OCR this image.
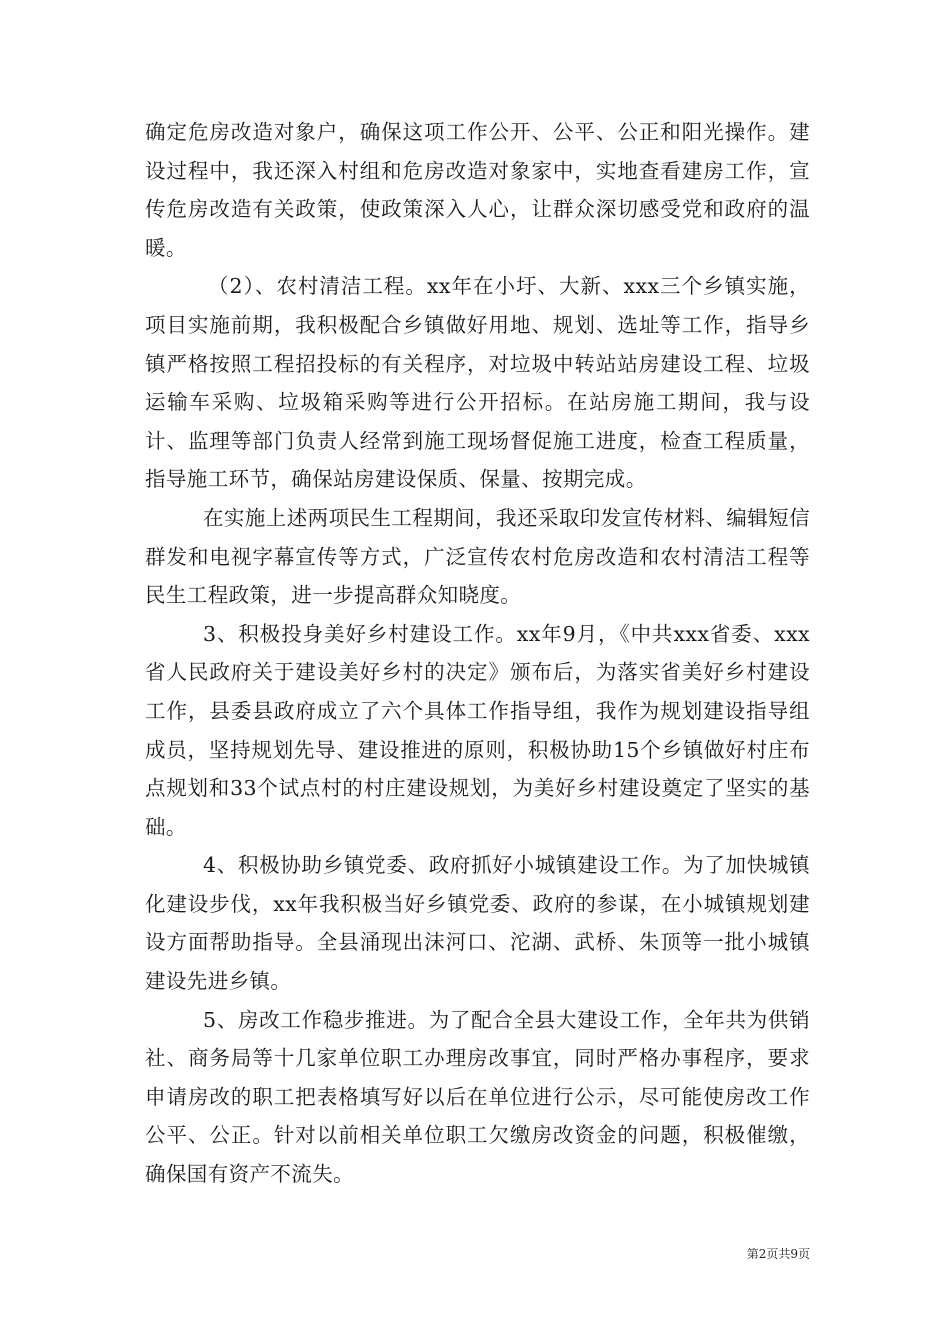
确定危房改造对象户，确保这项工作公开、公平、公正和阳光操作。建设过程中，我还深入村组和危房改造对象家中，实地查看建房工作，宣传危房改造有关政策，使政策深入人心，让群众深切感受党和政府的温暖。

（2）、农村清洁工程。xx年在小圩、大新、xxx三个乡镇实施，项目实施前期，我积极配合乡镇做好用地、规划、选址等工作，指导乡镇严格按照工程招投标的有关程序，对垃圾中转站站房建设工程、垃圾运输车采购、垃圾箱采购等进行公开招标。在站房施工期间，我与设计、监理等部门负责人经常到施工现场督促施工进度，检查工程质量，指导施工环节，确保站房建设保质、保量、按期完成。

在实施上述两项民生工程期间，我还采取印发宣传材料、编辑短信群发和电视字幕宣传等方式，广泛宣传农村危房改造和农村清洁工程等民生工程政策，进一步提高群众知晓度。

3、积极投身美好乡村建设工作。xx年9月，《中共xxx省委、xxx省人民政府关于建设美好乡村的决定》颁布后，为落实省美好乡村建设工作，县委县政府成立了六个具体工作指导组，我作为规划建设指导组成员，坚持规划先导、建设推进的原则，积极协助15个乡镇做好村庄布点规划和33个试点村的村庄建设规划，为美好乡村建设奠定了坚实的基础。

4、积极协助乡镇党委、政府抓好小城镇建设工作。为了加快城镇化建设步伐，xx年我积极当好乡镇党委、政府的参谋，在小城镇规划建设方面帮助指导。全县涌现出沫河口、沱湖、武桥、朱顶等一批小城镇建设先进乡镇。

5、房改工作稳步推进。为了配合全县大建设工作，全年共为供销社、商务局等十几家单位职工办理房改事宜，同时严格办事程序，要求申请房改的职工把表格填写好以后在单位进行公示，尽可能使房改工作公平、公正。针对以前相关单位职工欠缴房改资金的问题，积极催缴，确保国有资产不流失。

第2页共9页
